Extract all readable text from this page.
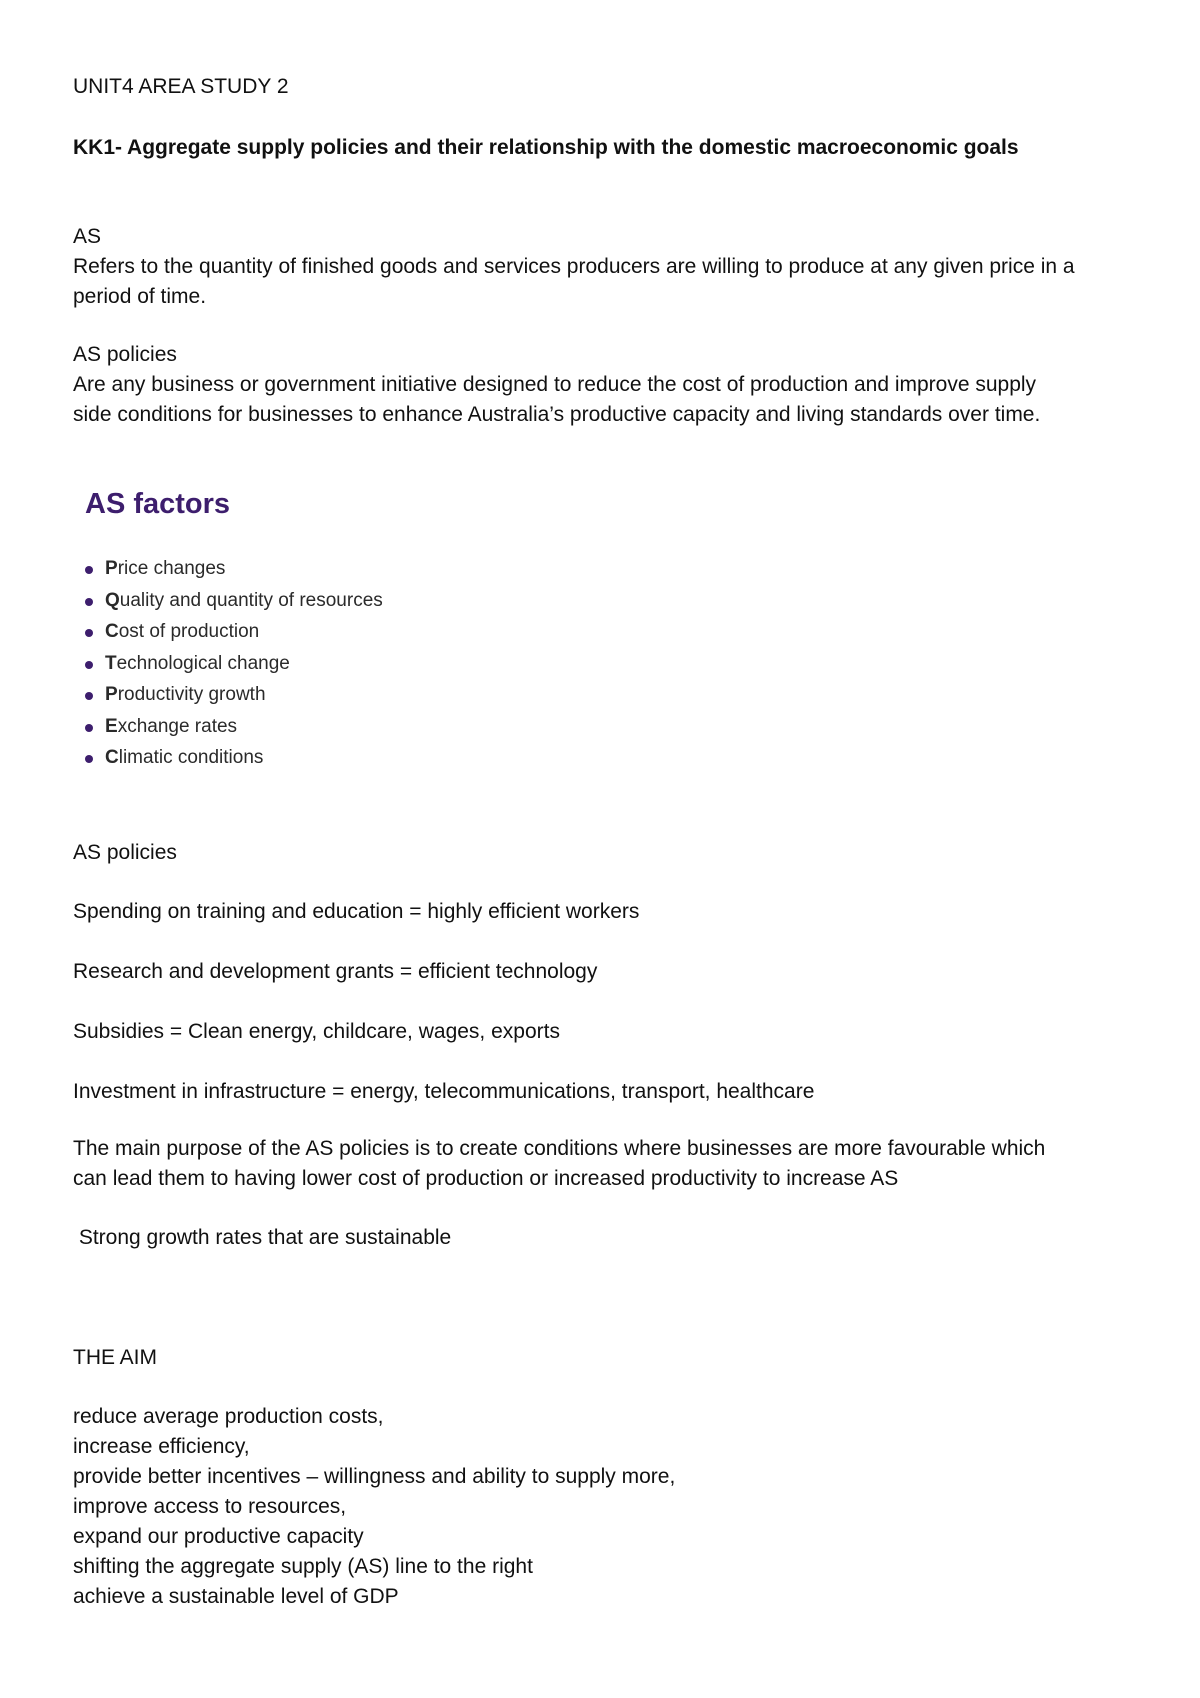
UNIT4 AREA STUDY 2
KK1- Aggregate supply policies and their relationship with the domestic macroeconomic goals
AS
Refers to the quantity of finished goods and services producers are willing to produce at any given price in a
period of time.
AS policies
Are any business or government initiative designed to reduce the cost of production and improve supply
side conditions for businesses to enhance Australia’s productive capacity and living standards over time.
AS factors
Price changes
Quality and quantity of resources
Cost of production
Technological change
Productivity growth
Exchange rates
Climatic conditions
AS policies
Spending on training and education = highly efficient workers
Research and development grants = efficient technology
Subsidies = Clean energy, childcare, wages, exports
Investment in infrastructure = energy, telecommunications, transport, healthcare
The main purpose of the AS policies is to create conditions where businesses are more favourable which
can lead them to having lower cost of production or increased productivity to increase AS
Strong growth rates that are sustainable
THE AIM
reduce average production costs,
increase efficiency,
provide better incentives – willingness and ability to supply more,
improve access to resources,
expand our productive capacity
shifting the aggregate supply (AS) line to the right
achieve a sustainable level of GDP
